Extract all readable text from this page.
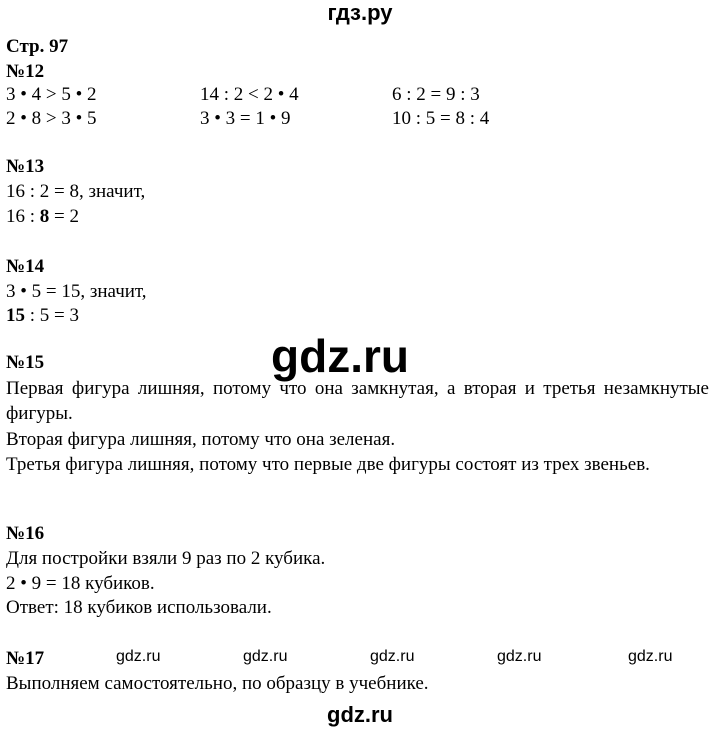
гдз.ру
Стр. 97
№12
3 • 4 > 5 • 2	14 : 2 < 2 • 4	6 : 2 = 9 : 3
2 • 8 > 3 • 5	3 • 3 = 1 • 9	10 : 5 = 8 : 4
№13
16 : 2 = 8, значит,
16 : 8 = 2
№14
3 • 5 = 15, значит,
15 : 5 = 3
gdz.ru
№15
Первая фигура лишняя, потому что она замкнутая, а вторая и третья незамкнутые фигуры.
Вторая фигура лишняя, потому что она зеленая.
Третья фигура лишняя, потому что первые две фигуры состоят из трех звеньев.
№16
Для постройки взяли 9 раз по 2 кубика.
2 • 9 = 18 кубиков.
Ответ: 18 кубиков использовали.
№17	gdz.ru	gdz.ru	gdz.ru	gdz.ru	gdz.ru
Выполняем самостоятельно, по образцу в учебнике.
gdz.ru
